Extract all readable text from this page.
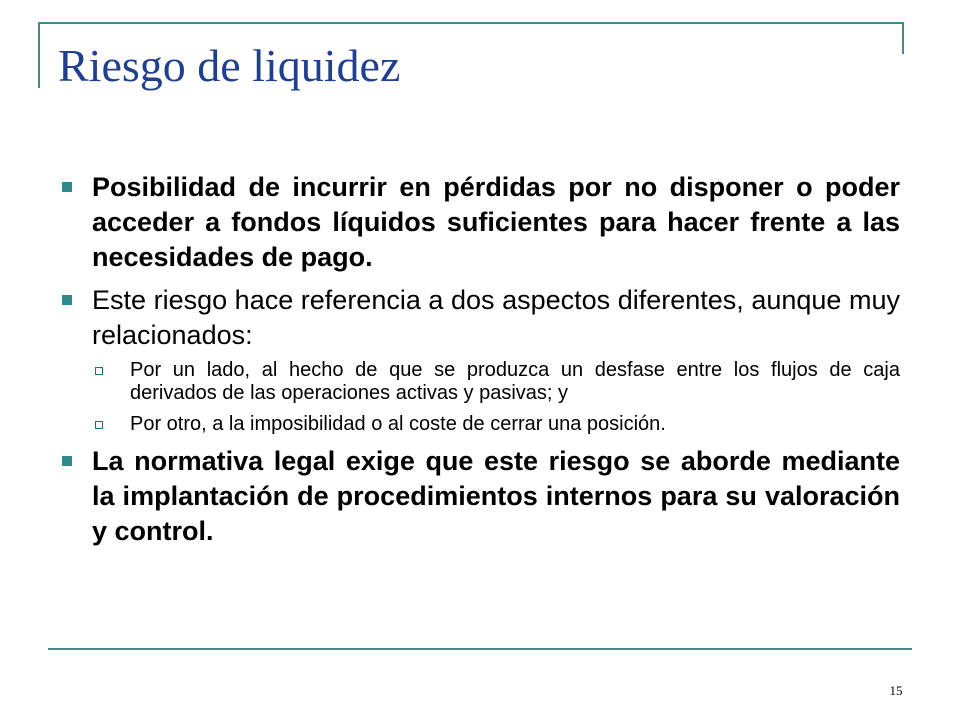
Riesgo de liquidez
Posibilidad de incurrir en pérdidas por no disponer o poder acceder a fondos líquidos suficientes para hacer frente a las necesidades de pago.
Este riesgo hace referencia a dos aspectos diferentes, aunque muy relacionados:
Por un lado, al hecho de que se produzca un desfase entre los flujos de caja derivados de las operaciones activas y pasivas; y
Por otro, a la imposibilidad o al coste de cerrar una posición.
La normativa legal exige que este riesgo se aborde mediante la implantación de procedimientos internos para su valoración y control.
15
